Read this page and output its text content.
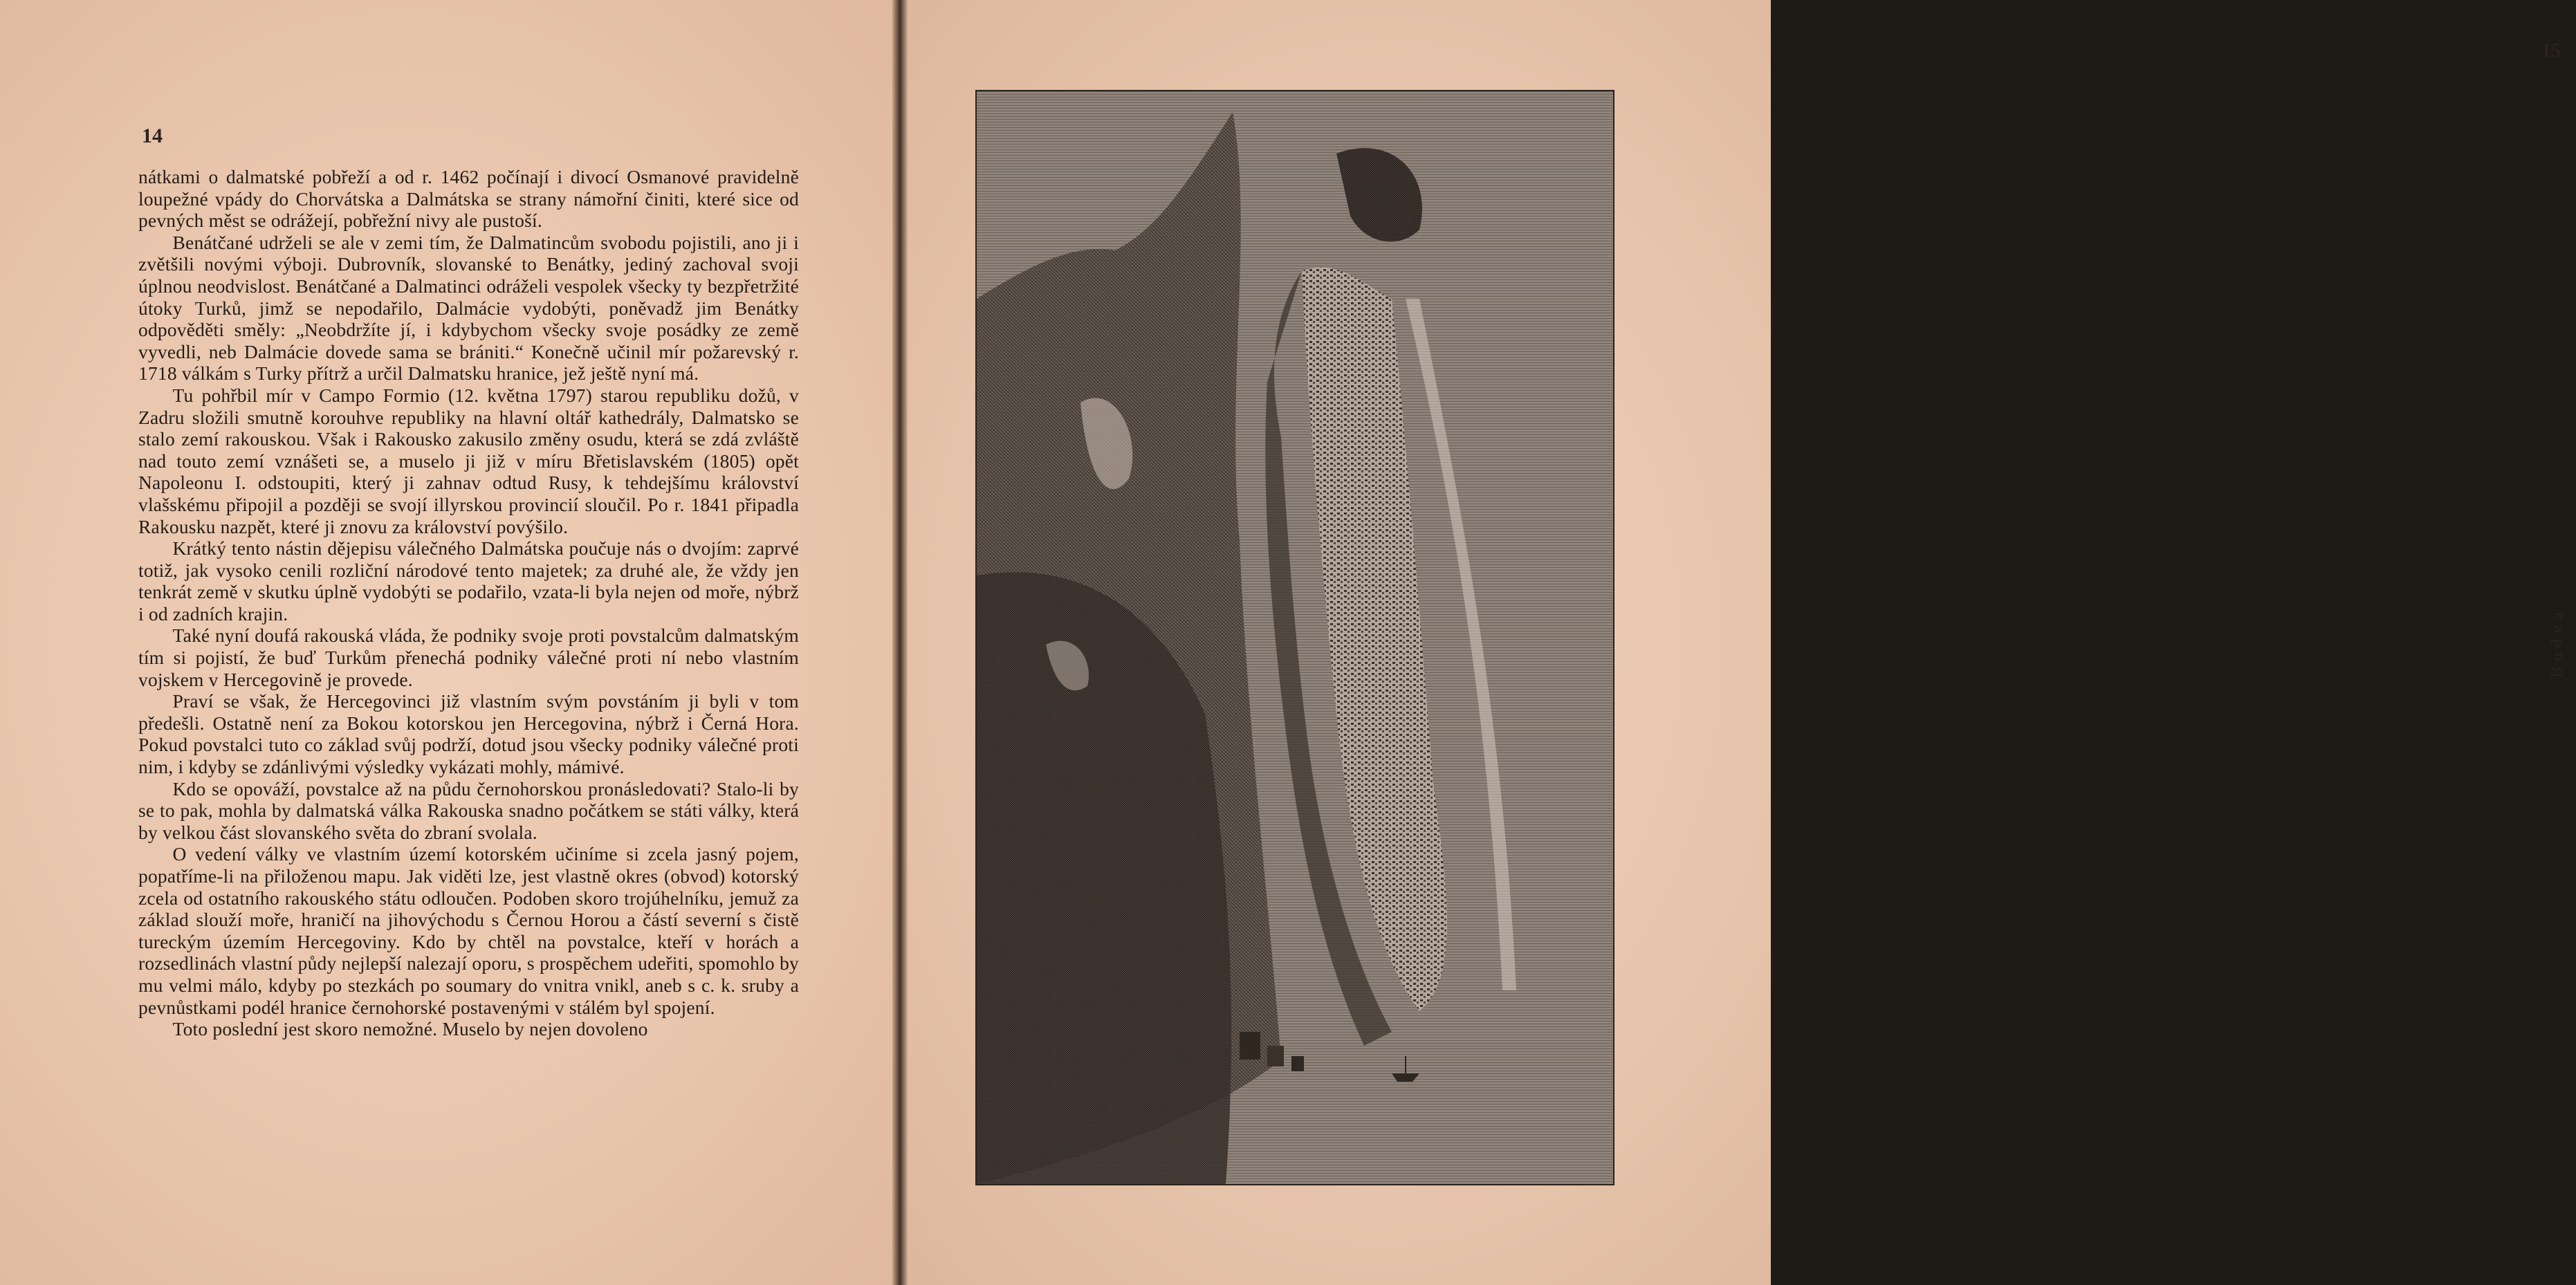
14

nátkami o dalmatské pobřeží a od r. 1462 počínají i divocí Osmanové pravidelně loupežné vpády do Chorvátska a Dalmátska se strany námořní činiti, které sice od pevných měst se odrážejí, pobřežní nivy ale pustoší.

Benátčané udrželi se ale v zemi tím, že Dalmatincům svobodu pojistili, ano ji i zvětšili novými výboji. Dubrovník, slovanské to Benátky, jediný zachoval svoji úplnou neodvislost. Benátčané a Dalmatinci odráželi vespolek všecky ty bezpřetržité útoky Turků, jimž se nepodařilo, Dalmácie vydobýti, poněvadž jim Benátky odpověděti směly: „Neobdržíte jí, i kdybychom všecky svoje posádky ze země vyvedli, neb Dalmácie dovede sama se brániti.“ Konečně učinil mír požarevský r. 1718 válkám s Turky přítrž a určil Dalmatsku hranice, jež ještě nyní má.

Tu pohřbil mír v Campo Formio (12. května 1797) starou republiku dožů, v Zadru složili smutně korouhve republiky na hlavní oltář kathedrály, Dalmatsko se stalo zemí rakouskou. Však i Rakousko zakusilo změny osudu, která se zdá zvláště nad touto zemí vznášeti se, a muselo ji již v míru Břetislavském (1805) opět Napoleonu I. odstoupiti, který ji zahnav odtud Rusy, k tehdejšímu království vlašskému připojil a později se svojí illyrskou provincií sloučil. Po r. 1841 připadla Rakousku nazpět, které ji znovu za království povýšilo.

Krátký tento nástin dějepisu válečného Dalmátska poučuje nás o dvojím: zaprvé totiž, jak vysoko cenili rozliční národové tento majetek; za druhé ale, že vždy jen tenkrát země v skutku úplně vydobýti se podařilo, vzata-li byla nejen od moře, nýbrž i od zadních krajin.

Také nyní doufá rakouská vláda, že podniky svoje proti povstalcům dalmatským tím si pojistí, že buď Turkům přenechá podniky válečné proti ní nebo vlastním vojskem v Hercegovině je provede.

Praví se však, že Hercegovinci již vlastním svým povstáním ji byli v tom předešli. Ostatně není za Bokou kotorskou jen Hercegovina, nýbrž i Černá Hora. Pokud povstalci tuto co základ svůj podrží, dotud jsou všecky podniky válečné proti nim, i kdyby se zdánlivými výsledky vykázati mohly, mámivé.

Kdo se opováží, povstalce až na půdu černohorskou pronásledovati? Stalo-li by se to pak, mohla by dalmatská válka Rakouska snadno počátkem se státi války, která by velkou část slovanského světa do zbraní svolala.

O vedení války ve vlastním území kotorském učiníme si zcela jasný pojem, popatříme-li na přiloženou mapu. Jak viděti lze, jest vlastně okres (obvod) kotorský zcela od ostatního rakouského státu odloučen. Podoben skoro trojúhelníku, jemuž za základ slouží moře, hraničí na jihovýchodu s Černou Horou a částí severní s čistě tureckým územím Hercegoviny. Kdo by chtěl na povstalce, kteří v horách a rozsedlinách vlastní půdy nejlepší nalezají oporu, s prospěchem udeřiti, spomohlo by mu velmi málo, kdyby po stezkách po soumary do vnitra vnikl, aneb s c. k. sruby a pevnůstkami podél hranice černohorské postavenými v stálém byl spojení.

Toto poslední jest skoro nemožné. Muselo by nejen dovoleno

15
Budva
